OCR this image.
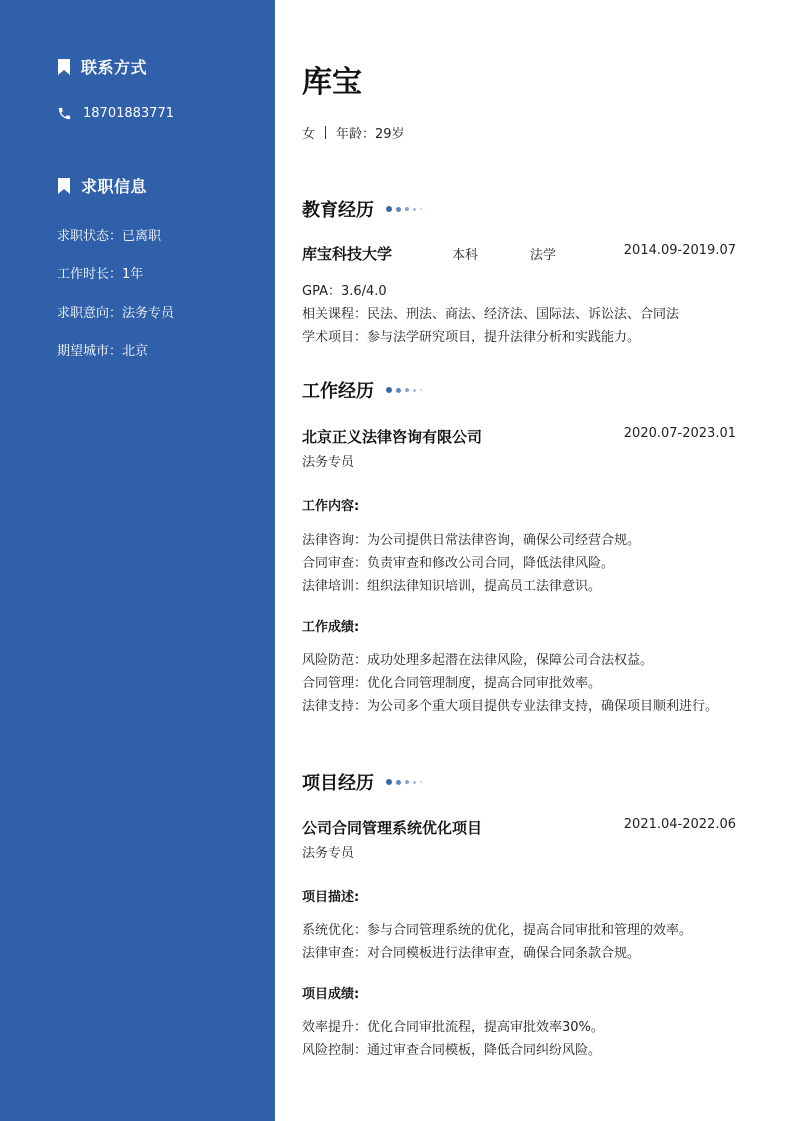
联系方式
18701883771
求职信息
求职状态：已离职
工作时长：1年
求职意向：法务专员
期望城市：北京
库宝
女 年龄：29岁
教育经历
库宝科技大学	本科	法学	2014.09-2019.07
GPA：3.6/4.0
相关课程：民法、刑法、商法、经济法、国际法、诉讼法、合同法
学术项目：参与法学研究项目，提升法律分析和实践能力。
工作经历
北京正义法律咨询有限公司	2020.07-2023.01
法务专员
工作内容:
法律咨询：为公司提供日常法律咨询，确保公司经营合规。
合同审查：负责审查和修改公司合同，降低法律风险。
法律培训：组织法律知识培训，提高员工法律意识。
工作成绩:
风险防范：成功处理多起潜在法律风险，保障公司合法权益。
合同管理：优化合同管理制度，提高合同审批效率。
法律支持：为公司多个重大项目提供专业法律支持，确保项目顺利进行。
项目经历
公司合同管理系统优化项目	2021.04-2022.06
法务专员
项目描述:
系统优化：参与合同管理系统的优化，提高合同审批和管理的效率。
法律审查：对合同模板进行法律审查，确保合同条款合规。
项目成绩:
效率提升：优化合同审批流程，提高审批效率30%。
风险控制：通过审查合同模板，降低合同纠纷风险。
